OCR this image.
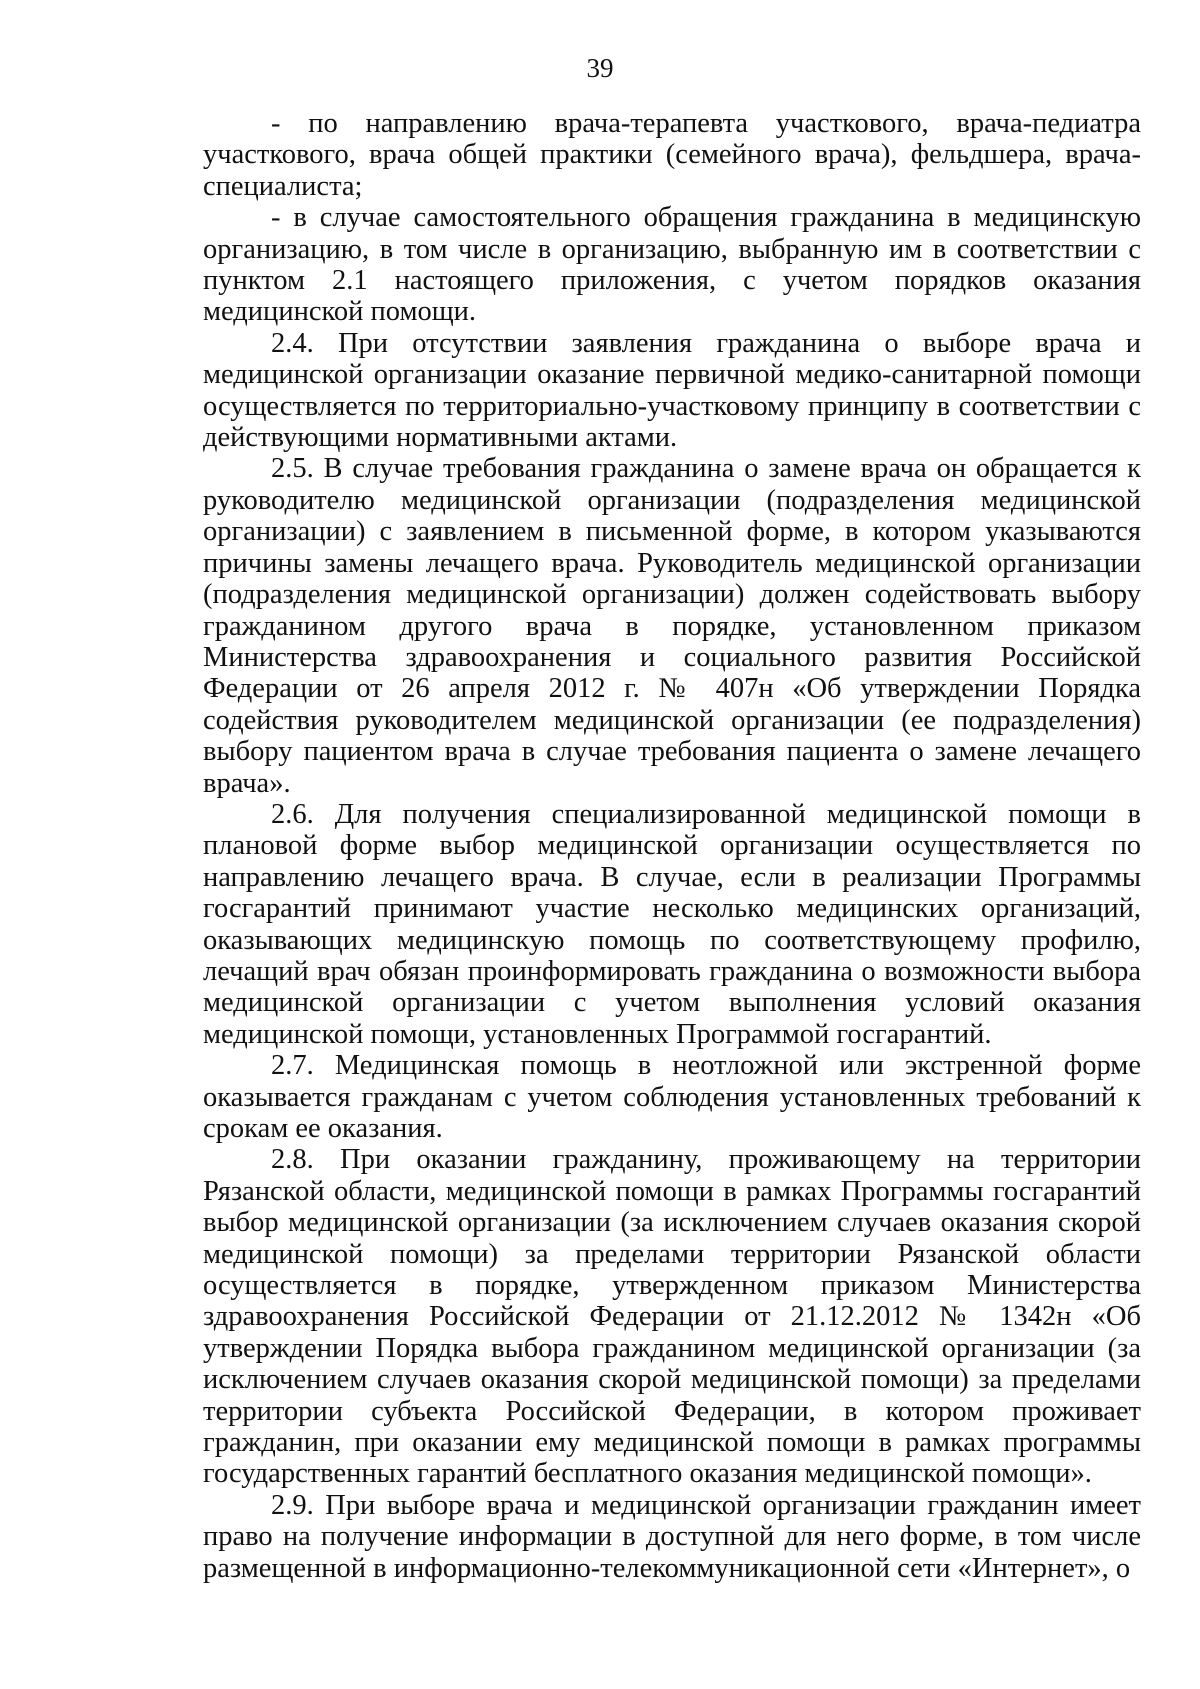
39

- по направлению врача-терапевта участкового, врача-педиатра участкового, врача общей практики (семейного врача), фельдшера, врача-специалиста;

- в случае самостоятельного обращения гражданина в медицинскую организацию, в том числе в организацию, выбранную им в соответствии с пунктом 2.1 настоящего приложения, с учетом порядков оказания медицинской помощи.

2.4. При отсутствии заявления гражданина о выборе врача и медицинской организации оказание первичной медико-санитарной помощи осуществляется по территориально-участковому принципу в соответствии с действующими нормативными актами.

2.5. В случае требования гражданина о замене врача он обращается к руководителю медицинской организации (подразделения медицинской организации) с заявлением в письменной форме, в котором указываются причины замены лечащего врача. Руководитель медицинской организации (подразделения медицинской организации) должен содействовать выбору гражданином другого врача в порядке, установленном приказом Министерства здравоохранения и социального развития Российской Федерации от 26 апреля 2012 г. № 407н «Об утверждении Порядка содействия руководителем медицинской организации (ее подразделения) выбору пациентом врача в случае требования пациента о замене лечащего врача».

2.6. Для получения специализированной медицинской помощи в плановой форме выбор медицинской организации осуществляется по направлению лечащего врача. В случае, если в реализации Программы госгарантий принимают участие несколько медицинских организаций, оказывающих медицинскую помощь по соответствующему профилю, лечащий врач обязан проинформировать гражданина о возможности выбора медицинской организации с учетом выполнения условий оказания медицинской помощи, установленных Программой госгарантий.

2.7. Медицинская помощь в неотложной или экстренной форме оказывается гражданам с учетом соблюдения установленных требований к срокам ее оказания.

2.8. При оказании гражданину, проживающему на территории Рязанской области, медицинской помощи в рамках Программы госгарантий выбор медицинской организации (за исключением случаев оказания скорой медицинской помощи) за пределами территории Рязанской области осуществляется в порядке, утвержденном приказом Министерства здравоохранения Российской Федерации от 21.12.2012 № 1342н «Об утверждении Порядка выбора гражданином медицинской организации (за исключением случаев оказания скорой медицинской помощи) за пределами территории субъекта Российской Федерации, в котором проживает гражданин, при оказании ему медицинской помощи в рамках программы государственных гарантий бесплатного оказания медицинской помощи».

2.9. При выборе врача и медицинской организации гражданин имеет право на получение информации в доступной для него форме, в том числе размещенной в информационно-телекоммуникационной сети «Интернет», о
